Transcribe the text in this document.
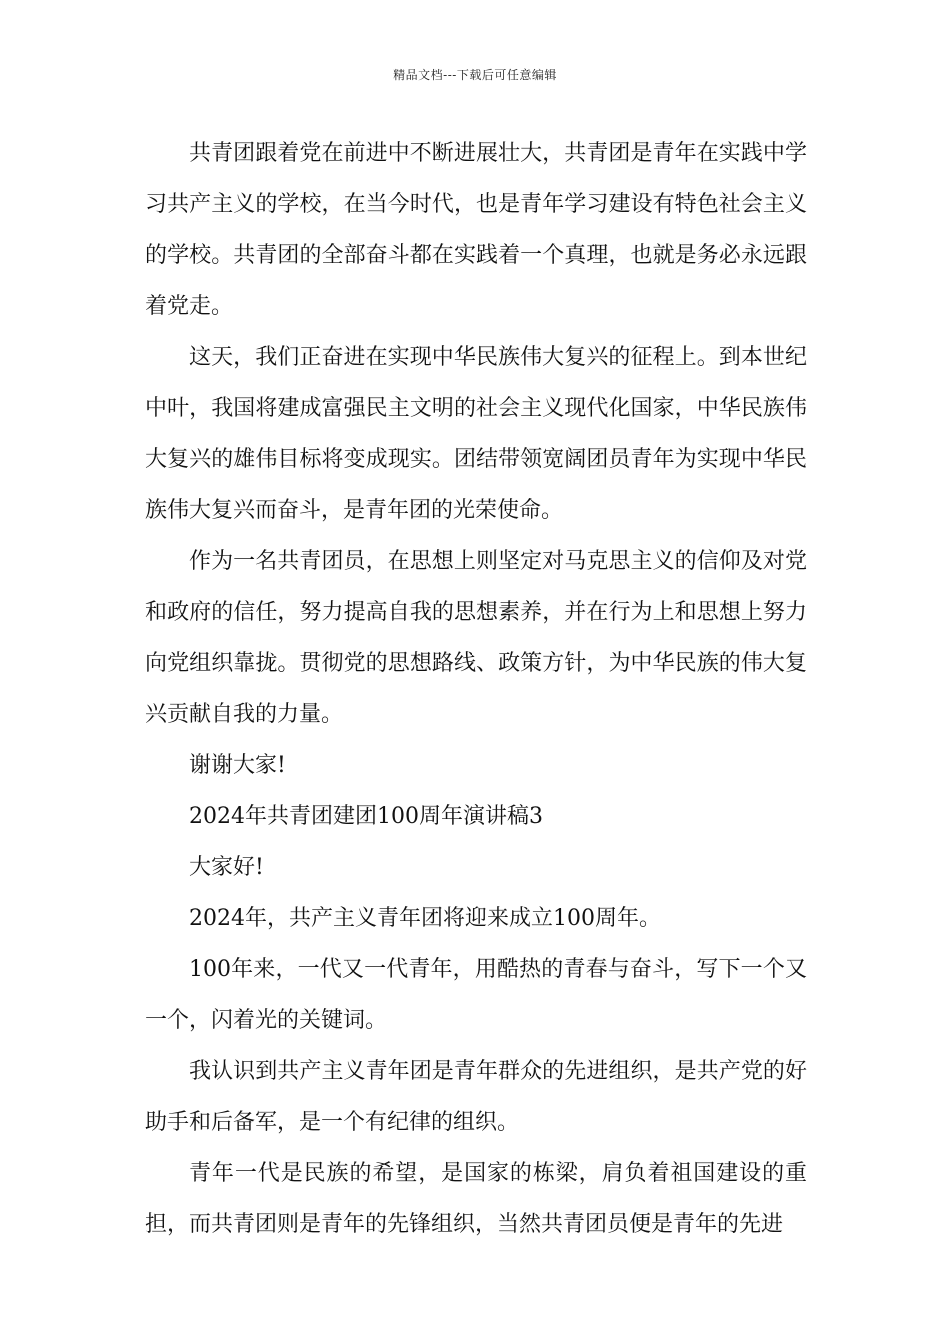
精品文档---下载后可任意编辑

共青团跟着党在前进中不断进展壮大，共青团是青年在实践中学习共产主义的学校，在当今时代，也是青年学习建设有特色社会主义的学校。共青团的全部奋斗都在实践着一个真理，也就是务必永远跟着党走。

这天，我们正奋进在实现中华民族伟大复兴的征程上。到本世纪中叶，我国将建成富强民主文明的社会主义现代化国家，中华民族伟大复兴的雄伟目标将变成现实。团结带领宽阔团员青年为实现中华民族伟大复兴而奋斗，是青年团的光荣使命。

作为一名共青团员，在思想上则坚定对马克思主义的信仰及对党和政府的信任，努力提高自我的思想素养，并在行为上和思想上努力向党组织靠拢。贯彻党的思想路线、政策方针，为中华民族的伟大复兴贡献自我的力量。

谢谢大家!

2024年共青团建团100周年演讲稿3

大家好!

2024年，共产主义青年团将迎来成立100周年。

100年来，一代又一代青年，用酷热的青春与奋斗，写下一个又一个，闪着光的关键词。

我认识到共产主义青年团是青年群众的先进组织，是共产党的好助手和后备军，是一个有纪律的组织。

青年一代是民族的希望，是国家的栋梁，肩负着祖国建设的重担，而共青团则是青年的先锋组织，当然共青团员便是青年的先进
